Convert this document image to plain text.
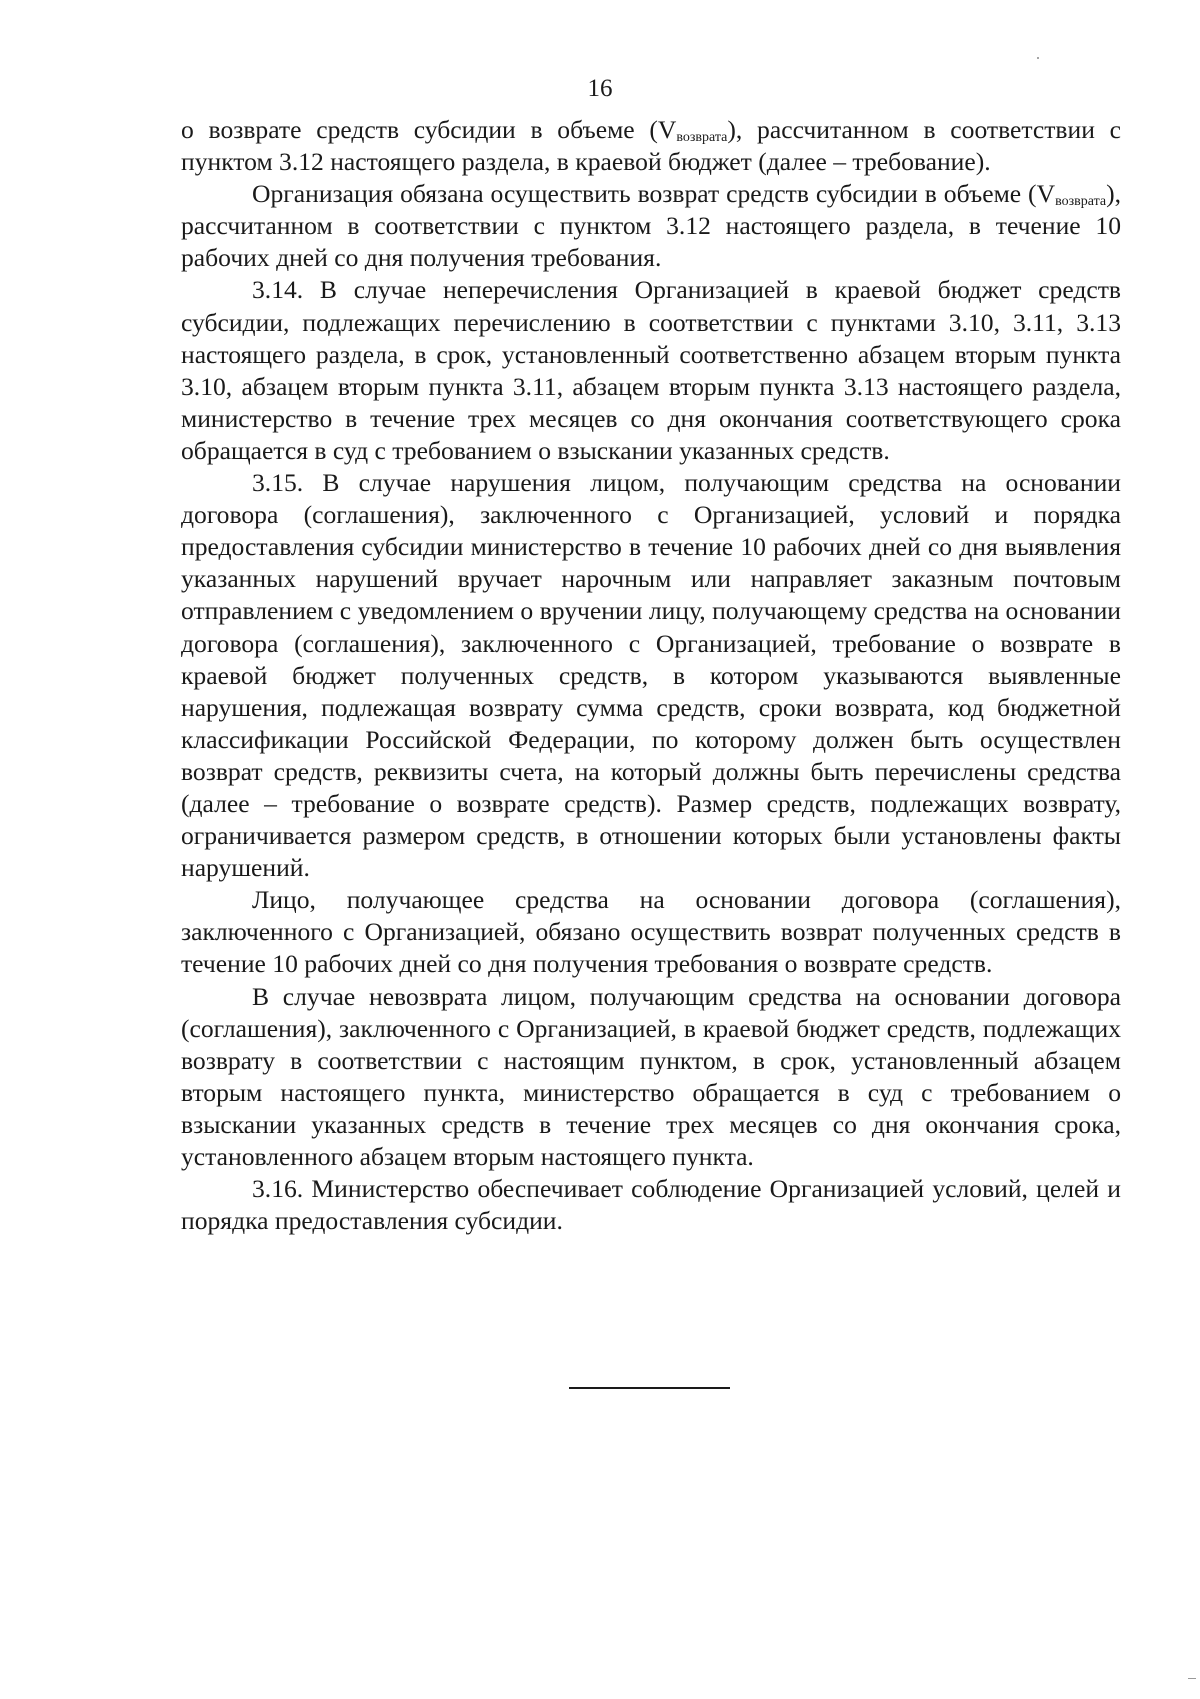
16

о возврате средств субсидии в объеме $(V_{возврата})$, рассчитанном в соответствии с пунктом 3.12 настоящего раздела, в краевой бюджет (далее – требование).

Организация обязана осуществить возврат средств субсидии в объеме $(V_{возврата})$, рассчитанном в соответствии с пунктом 3.12 настоящего раздела, в течение 10 рабочих дней со дня получения требования.

3.14. В случае неперечисления Организацией в краевой бюджет средств субсидии, подлежащих перечислению в соответствии с пунктами 3.10, 3.11, 3.13 настоящего раздела, в срок, установленный соответственно абзацем вторым пункта 3.10, абзацем вторым пункта 3.11, абзацем вторым пункта 3.13 настоящего раздела, министерство в течение трех месяцев со дня окончания соответствующего срока обращается в суд с требованием о взыскании указанных средств.

3.15. В случае нарушения лицом, получающим средства на основании договора (соглашения), заключенного с Организацией, условий и порядка предоставления субсидии министерство в течение 10 рабочих дней со дня выявления указанных нарушений вручает нарочным или направляет заказным почтовым отправлением с уведомлением о вручении лицу, получающему средства на основании договора (соглашения), заключенного с Организацией, требование о возврате в краевой бюджет полученных средств, в котором указываются выявленные нарушения, подлежащая возврату сумма средств, сроки возврата, код бюджетной классификации Российской Федерации, по которому должен быть осуществлен возврат средств, реквизиты счета, на который должны быть перечислены средства (далее – требование о возврате средств). Размер средств, подлежащих возврату, ограничивается размером средств, в отношении которых были установлены факты нарушений.

Лицо, получающее средства на основании договора (соглашения), заключенного с Организацией, обязано осуществить возврат полученных средств в течение 10 рабочих дней со дня получения требования о возврате средств.

В случае невозврата лицом, получающим средства на основании договора (соглашения), заключенного с Организацией, в краевой бюджет средств, подлежащих возврату в соответствии с настоящим пунктом, в срок, установленный абзацем вторым настоящего пункта, министерство обращается в суд с требованием о взыскании указанных средств в течение трех месяцев со дня окончания срока, установленного абзацем вторым настоящего пункта.

3.16. Министерство обеспечивает соблюдение Организацией условий, целей и порядка предоставления субсидии.
